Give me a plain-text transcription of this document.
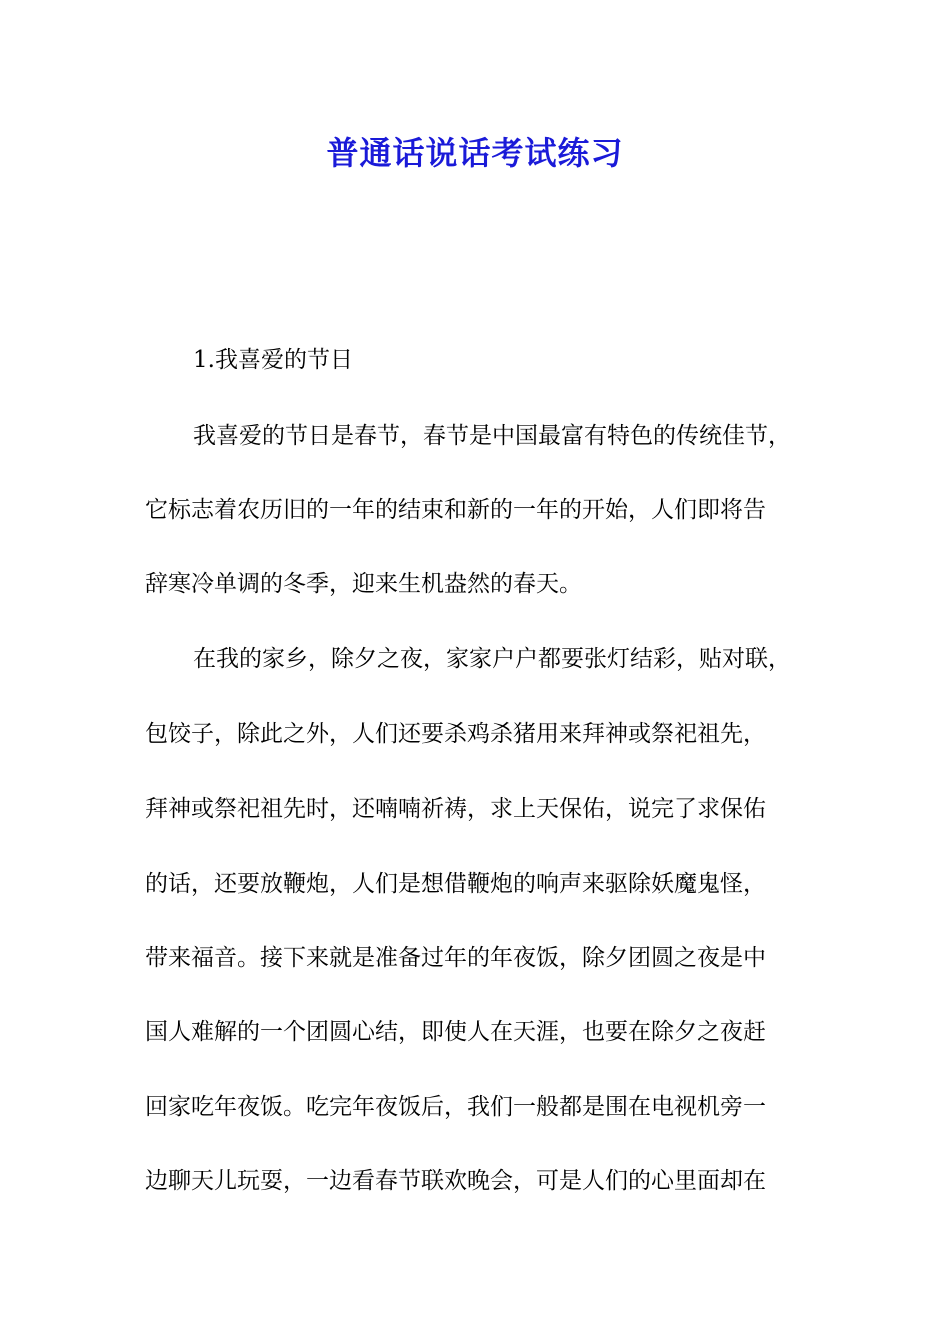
普通话说话考试练习

1.我喜爱的节日

我喜爱的节日是春节，春节是中国最富有特色的传统佳节，

它标志着农历旧的一年的结束和新的一年的开始，人们即将告

辞寒冷单调的冬季，迎来生机盎然的春天。

在我的家乡，除夕之夜，家家户户都要张灯结彩，贴对联，

包饺子，除此之外，人们还要杀鸡杀猪用来拜神或祭祀祖先，

拜神或祭祀祖先时，还喃喃祈祷，求上天保佑，说完了求保佑

的话，还要放鞭炮，人们是想借鞭炮的响声来驱除妖魔鬼怪，

带来福音。接下来就是准备过年的年夜饭，除夕团圆之夜是中

国人难解的一个团圆心结，即使人在天涯，也要在除夕之夜赶

回家吃年夜饭。吃完年夜饭后，我们一般都是围在电视机旁一

边聊天儿玩耍，一边看春节联欢晚会，可是人们的心里面却在
